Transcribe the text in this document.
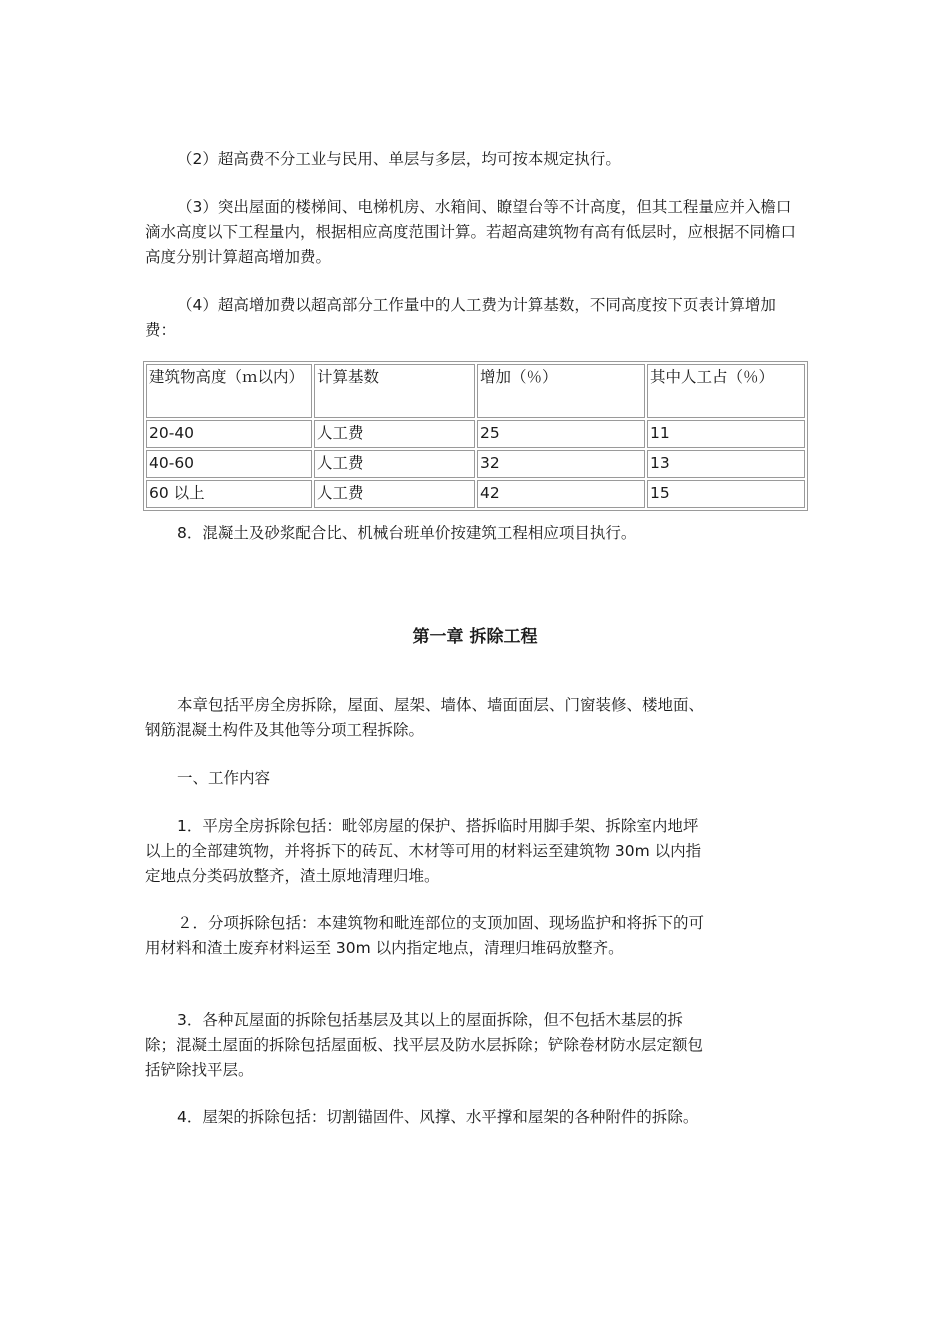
（2）超高费不分工业与民用、单层与多层，均可按本规定执行。

（3）突出屋面的楼梯间、电梯机房、水箱间、瞭望台等不计高度，但其工程量应并入檐口滴水高度以下工程量内，根据相应高度范围计算。若超高建筑物有高有低层时，应根据不同檐口高度分别计算超高增加费。

（4）超高增加费以超高部分工作量中的人工费为计算基数，不同高度按下页表计算增加费：

建筑物高度（ｍ以内）	计算基数	增加（％）	其中人工占（％）
20-40	人工费	25	11
40-60	人工费	32	13
60 以上	人工费	42	15

8．混凝土及砂浆配合比、机械台班单价按建筑工程相应项目执行。

第一章 拆除工程

本章包括平房全房拆除，屋面、屋架、墙体、墙面面层、门窗装修、楼地面、钢筋混凝土构件及其他等分项工程拆除。

一、工作内容

1．平房全房拆除包括：毗邻房屋的保护、搭拆临时用脚手架、拆除室内地坪以上的全部建筑物，并将拆下的砖瓦、木材等可用的材料运至建筑物 30m 以内指定地点分类码放整齐，渣土原地清理归堆。

２．分项拆除包括：本建筑物和毗连部位的支顶加固、现场监护和将拆下的可用材料和渣土废弃材料运至 30m 以内指定地点，清理归堆码放整齐。

3．各种瓦屋面的拆除包括基层及其以上的屋面拆除，但不包括木基层的拆除；混凝土屋面的拆除包括屋面板、找平层及防水层拆除；铲除卷材防水层定额包括铲除找平层。

4．屋架的拆除包括：切割锚固件、风撑、水平撑和屋架的各种附件的拆除。
